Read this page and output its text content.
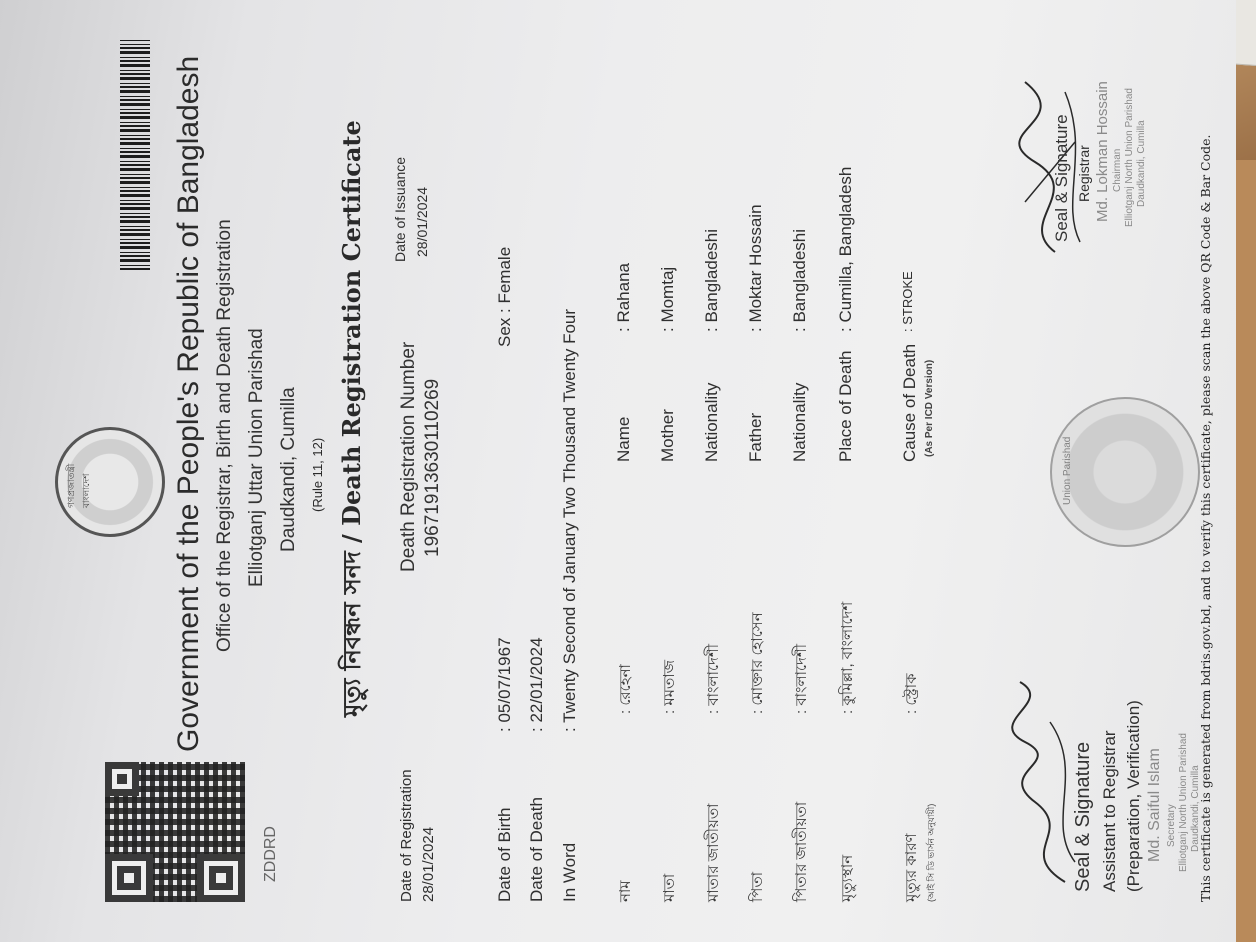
ZDDRD
গণপ্রজাতন্ত্রী বাংলাদেশ	Government of the People's Republic of Bangladesh Office of the Registrar, Birth and Death Registration Elliotganj Uttar Union Parishad Daudkandi, Cumilla (Rule 11, 12) মৃত্যু নিবন্ধন সনদ / Death Registration Certificate
Date of Registration 28/01/2024
Death Registration Number 19671913630110269
Date of Issuance 28/01/2024
Date of Birth
: 05/07/1967
Sex : Female
Date of Death
: 22/01/2024
In Word
: Twenty Second of January Two Thousand Twenty Four
নাম
: রেহেনা
Name
: Rahana
মাতা
: মমতাজ
Mother
: Momtaj
মাতার জাতীয়তা
: বাংলাদেশী
Nationality
: Bangladeshi
পিতা
: মোক্তার হোসেন
Father
: Moktar Hossain
পিতার জাতীয়তা
: বাংলাদেশী
Nationality
: Bangladeshi
মৃত্যুস্থান
: কুমিল্লা, বাংলাদেশ
Place of Death
: Cumilla, Bangladesh
মৃত্যুর কারণ (আই সি ডি ভার্সন অনুযায়ী)
: স্ট্রোক
Cause of Death
: STROKE
(As Per ICD Version)
Seal & Signature Assistant to Registrar (Preparation, Verification) Md. Saiful Islam Secretary Elliotganj North Union Parishad Daudkandi, Cumilla
Union Parishad
Seal & Signature Registrar Md. Lokman Hossain Chairman Elliotganj North Union Parishad Daudkandi, Cumilla	This certificate is generated from bdris.gov.bd, and to verify this certificate, please scan the above QR Code & Bar Code.
